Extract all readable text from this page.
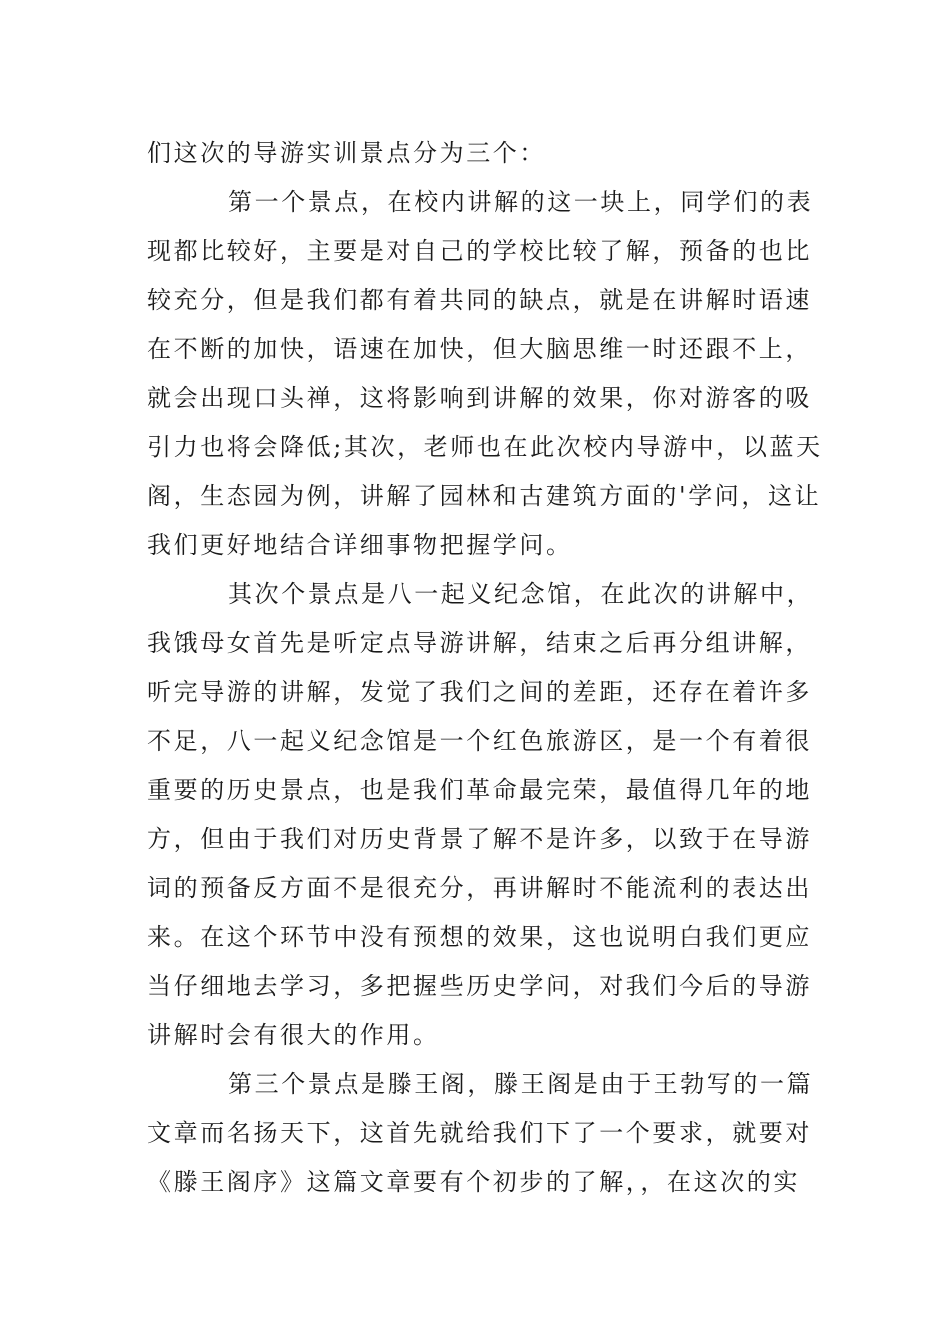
们这次的导游实训景点分为三个：
第一个景点，在校内讲解的这一块上，同学们的表
现都比较好，主要是对自己的学校比较了解，预备的也比
较充分，但是我们都有着共同的缺点，就是在讲解时语速
在不断的加快，语速在加快，但大脑思维一时还跟不上，
就会出现口头禅，这将影响到讲解的效果，你对游客的吸
引力也将会降低;其次，老师也在此次校内导游中，以蓝天
阁，生态园为例，讲解了园林和古建筑方面的'学问，这让
我们更好地结合详细事物把握学问。
其次个景点是八一起义纪念馆，在此次的讲解中，
我饿母女首先是听定点导游讲解，结束之后再分组讲解，
听完导游的讲解，发觉了我们之间的差距，还存在着许多
不足，八一起义纪念馆是一个红色旅游区，是一个有着很
重要的历史景点，也是我们革命最完荣，最值得几年的地
方，但由于我们对历史背景了解不是许多，以致于在导游
词的预备反方面不是很充分，再讲解时不能流利的表达出
来。在这个环节中没有预想的效果，这也说明白我们更应
当仔细地去学习，多把握些历史学问，对我们今后的导游
讲解时会有很大的作用。
第三个景点是滕王阁，滕王阁是由于王勃写的一篇
文章而名扬天下，这首先就给我们下了一个要求，就要对
《滕王阁序》这篇文章要有个初步的了解，，在这次的实
